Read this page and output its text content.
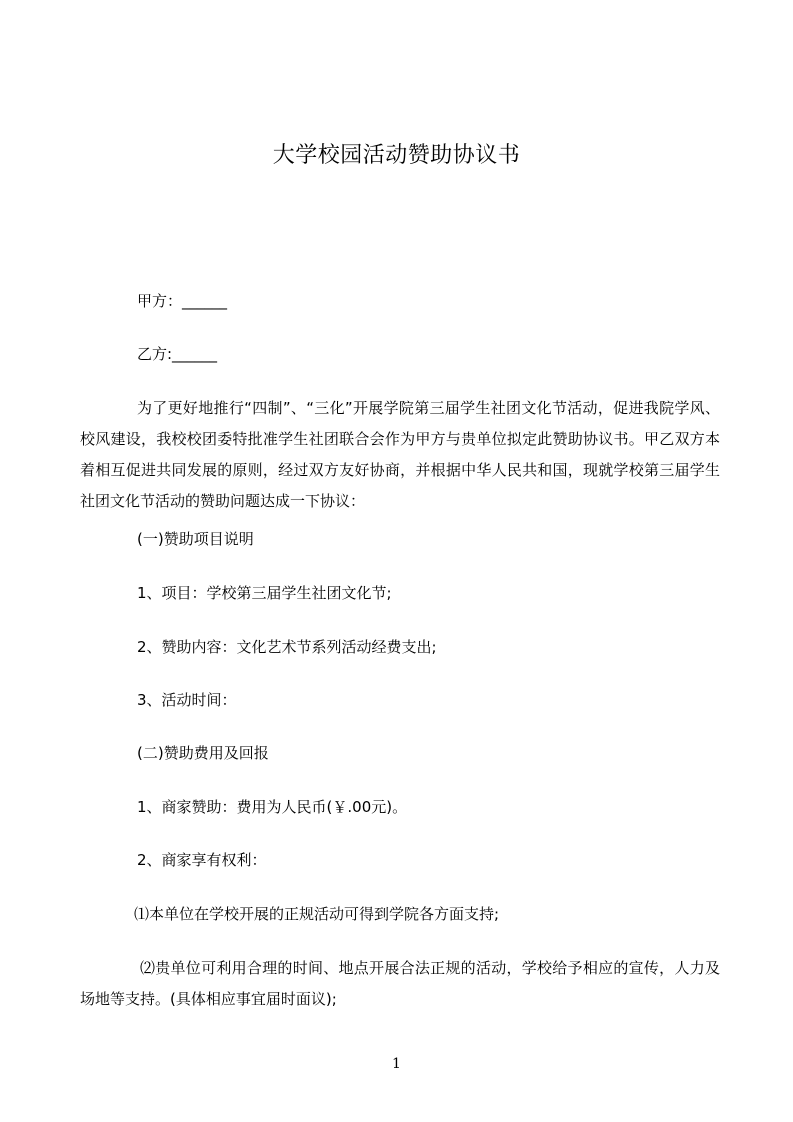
大学校园活动赞助协议书
甲方：______
乙方:______
为了更好地推行“四制”、“三化”开展学院第三届学生社团文化节活动，促进我院学风、校风建设，我校校团委特批准学生社团联合会作为甲方与贵单位拟定此赞助协议书。甲乙双方本着相互促进共同发展的原则，经过双方友好协商，并根据中华人民共和国，现就学校第三届学生社团文化节活动的赞助问题达成一下协议：
(一)赞助项目说明
1、项目：学校第三届学生社团文化节;
2、赞助内容：文化艺术节系列活动经费支出;
3、活动时间：
(二)赞助费用及回报
1、商家赞助：费用为人民币(￥.00元)。
2、商家享有权利：
⑴本单位在学校开展的正规活动可得到学院各方面支持;
⑵贵单位可利用合理的时间、地点开展合法正规的活动，学校给予相应的宣传，人力及场地等支持。(具体相应事宜届时面议);
1
